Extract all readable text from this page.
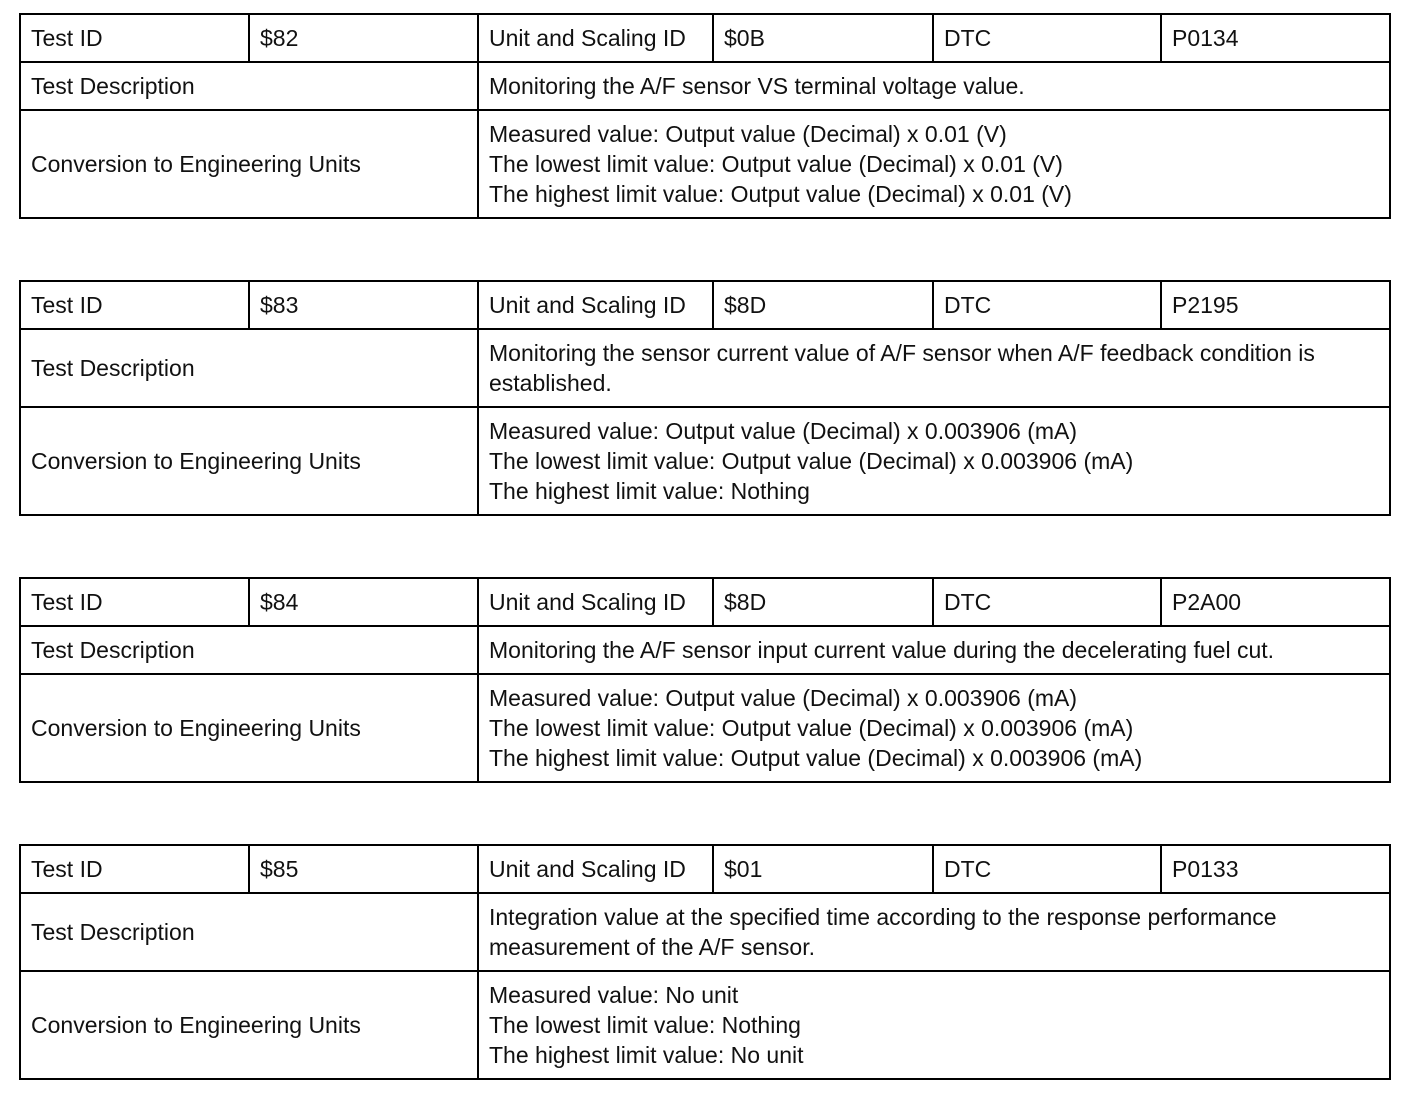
Test ID	$82	Unit and Scaling ID	$0B	DTC	P0134
Test Description		Monitoring the A/F sensor VS terminal voltage value.			
Conversion to Engineering Units		Measured value: Output value (Decimal) x 0.01 (V)
The lowest limit value: Output value (Decimal) x 0.01 (V)
The highest limit value: Output value (Decimal) x 0.01 (V)			
Test ID	$83	Unit and Scaling ID	$8D	DTC	P2195
Test Description		Monitoring the sensor current value of A/F sensor when A/F feedback condition is established.			
Conversion to Engineering Units		Measured value: Output value (Decimal) x 0.003906 (mA)
The lowest limit value: Output value (Decimal) x 0.003906 (mA)
The highest limit value: Nothing			
Test ID	$84	Unit and Scaling ID	$8D	DTC	P2A00
Test Description		Monitoring the A/F sensor input current value during the decelerating fuel cut.			
Conversion to Engineering Units		Measured value: Output value (Decimal) x 0.003906 (mA)
The lowest limit value: Output value (Decimal) x 0.003906 (mA)
The highest limit value: Output value (Decimal) x 0.003906 (mA)			
Test ID	$85	Unit and Scaling ID	$01	DTC	P0133
Test Description		Integration value at the specified time according to the response performance measurement of the A/F sensor.			
Conversion to Engineering Units		Measured value: No unit
The lowest limit value: Nothing
The highest limit value: No unit			
